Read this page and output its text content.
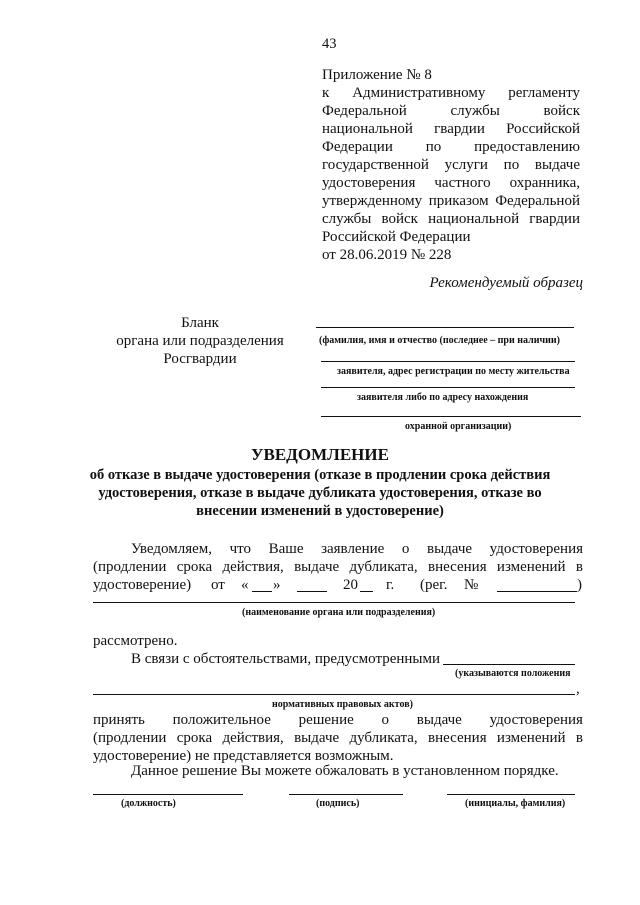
43
Приложение № 8
к Административному регламенту
Федеральной	службы	войск
национальной гвардии Российской
Федерации по предоставлению
государственной услуги по выдаче
удостоверения частного охранника,
утвержденному приказом Федеральной
службы войск национальной гвардии
Российской Федерации
от 28.06.2019 № 228
Рекомендуемый образец
Бланк
органа или подразделения
Росгвардии
(фамилия, имя и отчество (последнее – при наличии)
заявителя, адрес регистрации по месту жительства
заявителя либо по адресу нахождения
охранной организации)
УВЕДОМЛЕНИЕ
об отказе в выдаче удостоверения (отказе в продлении срока действия
удостоверения, отказе в выдаче дубликата удостоверения, отказе во
внесении изменений в удостоверение)
Уведомляем, что Ваше заявление о выдаче удостоверения
(продлении срока действия, выдаче дубликата, внесения изменений в
удостоверение) от « »	20 г. (рег. №	)
(наименование органа или подразделения)
рассмотрено.
В связи с обстоятельствами, предусмотренными
(указываются положения
,
нормативных правовых актов)
принять положительное решение о выдаче удостоверения
(продлении срока действия, выдаче дубликата, внесения изменений в
удостоверение) не представляется возможным.
Данное решение Вы можете обжаловать в установленном порядке.
(должность)	(подпись)	(инициалы, фамилия)
